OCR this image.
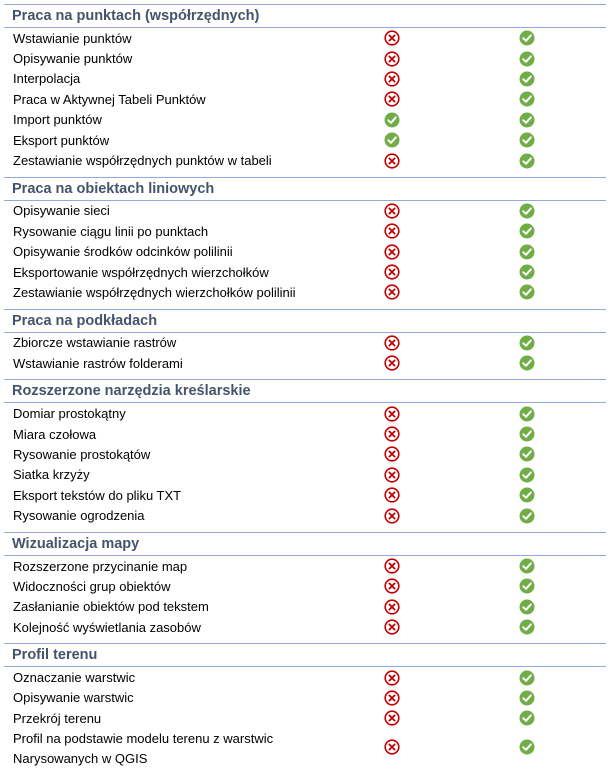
Praca na punktach (współrzędnych)
Wstawianie punktów
Opisywanie punktów
Interpolacja
Praca w Aktywnej Tabeli Punktów
Import punktów
Eksport punktów
Zestawianie współrzędnych punktów w tabeli
Praca na obiektach liniowych
Opisywanie sieci
Rysowanie ciągu linii po punktach
Opisywanie środków odcinków polilinii
Eksportowanie współrzędnych wierzchołków
Zestawianie współrzędnych wierzchołków polilinii
Praca na podkładach
Zbiorcze wstawianie rastrów
Wstawianie rastrów folderami
Rozszerzone narzędzia kreślarskie
Domiar prostokątny
Miara czołowa
Rysowanie prostokątów
Siatka krzyży
Eksport tekstów do pliku TXT
Rysowanie ogrodzenia
Wizualizacja mapy
Rozszerzone przycinanie map
Widoczności grup obiektów
Zasłanianie obiektów pod tekstem
Kolejność wyświetlania zasobów
Profil terenu
Oznaczanie warstwic
Opisywanie warstwic
Przekrój terenu
Profil na podstawie modelu terenu z warstwic Narysowanych w QGIS
